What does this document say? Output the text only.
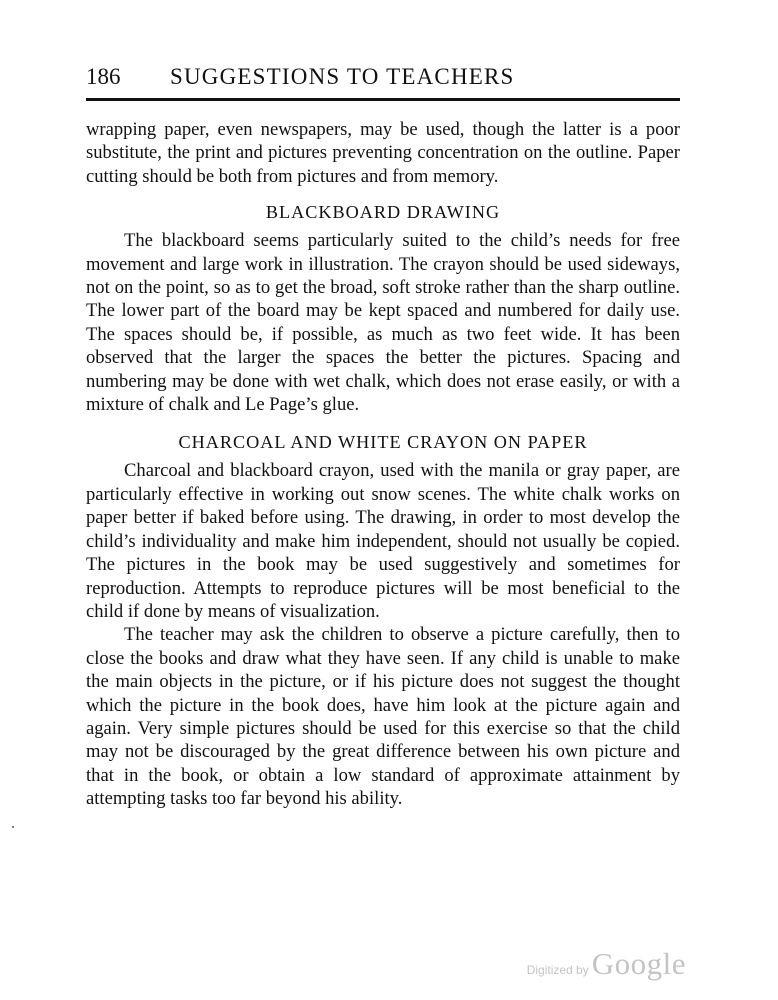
186	SUGGESTIONS TO TEACHERS

wrapping paper, even newspapers, may be used, though the latter is a poor substitute, the print and pictures preventing concentration on the outline. Paper cutting should be both from pictures and from memory.

BLACKBOARD DRAWING

The blackboard seems particularly suited to the child’s needs for free movement and large work in illustration. The crayon should be used sideways, not on the point, so as to get the broad, soft stroke rather than the sharp outline. The lower part of the board may be kept spaced and numbered for daily use. The spaces should be, if possible, as much as two feet wide. It has been observed that the larger the spaces the better the pictures. Spacing and numbering may be done with wet chalk, which does not erase easily, or with a mixture of chalk and Le Page’s glue.

CHARCOAL AND WHITE CRAYON ON PAPER

Charcoal and blackboard crayon, used with the manila or gray paper, are particularly effective in working out snow scenes. The white chalk works on paper better if baked before using. The drawing, in order to most develop the child’s individuality and make him independent, should not usually be copied. The pictures in the book may be used suggestively and sometimes for reproduction. Attempts to reproduce pictures will be most beneficial to the child if done by means of visualization.

The teacher may ask the children to observe a picture carefully, then to close the books and draw what they have seen. If any child is unable to make the main objects in the picture, or if his picture does not suggest the thought which the picture in the book does, have him look at the picture again and again. Very simple pictures should be used for this exercise so that the child may not be discouraged by the great difference between his own picture and that in the book, or obtain a low standard of approximate attainment by attempting tasks too far beyond his ability.

Digitized by Google
